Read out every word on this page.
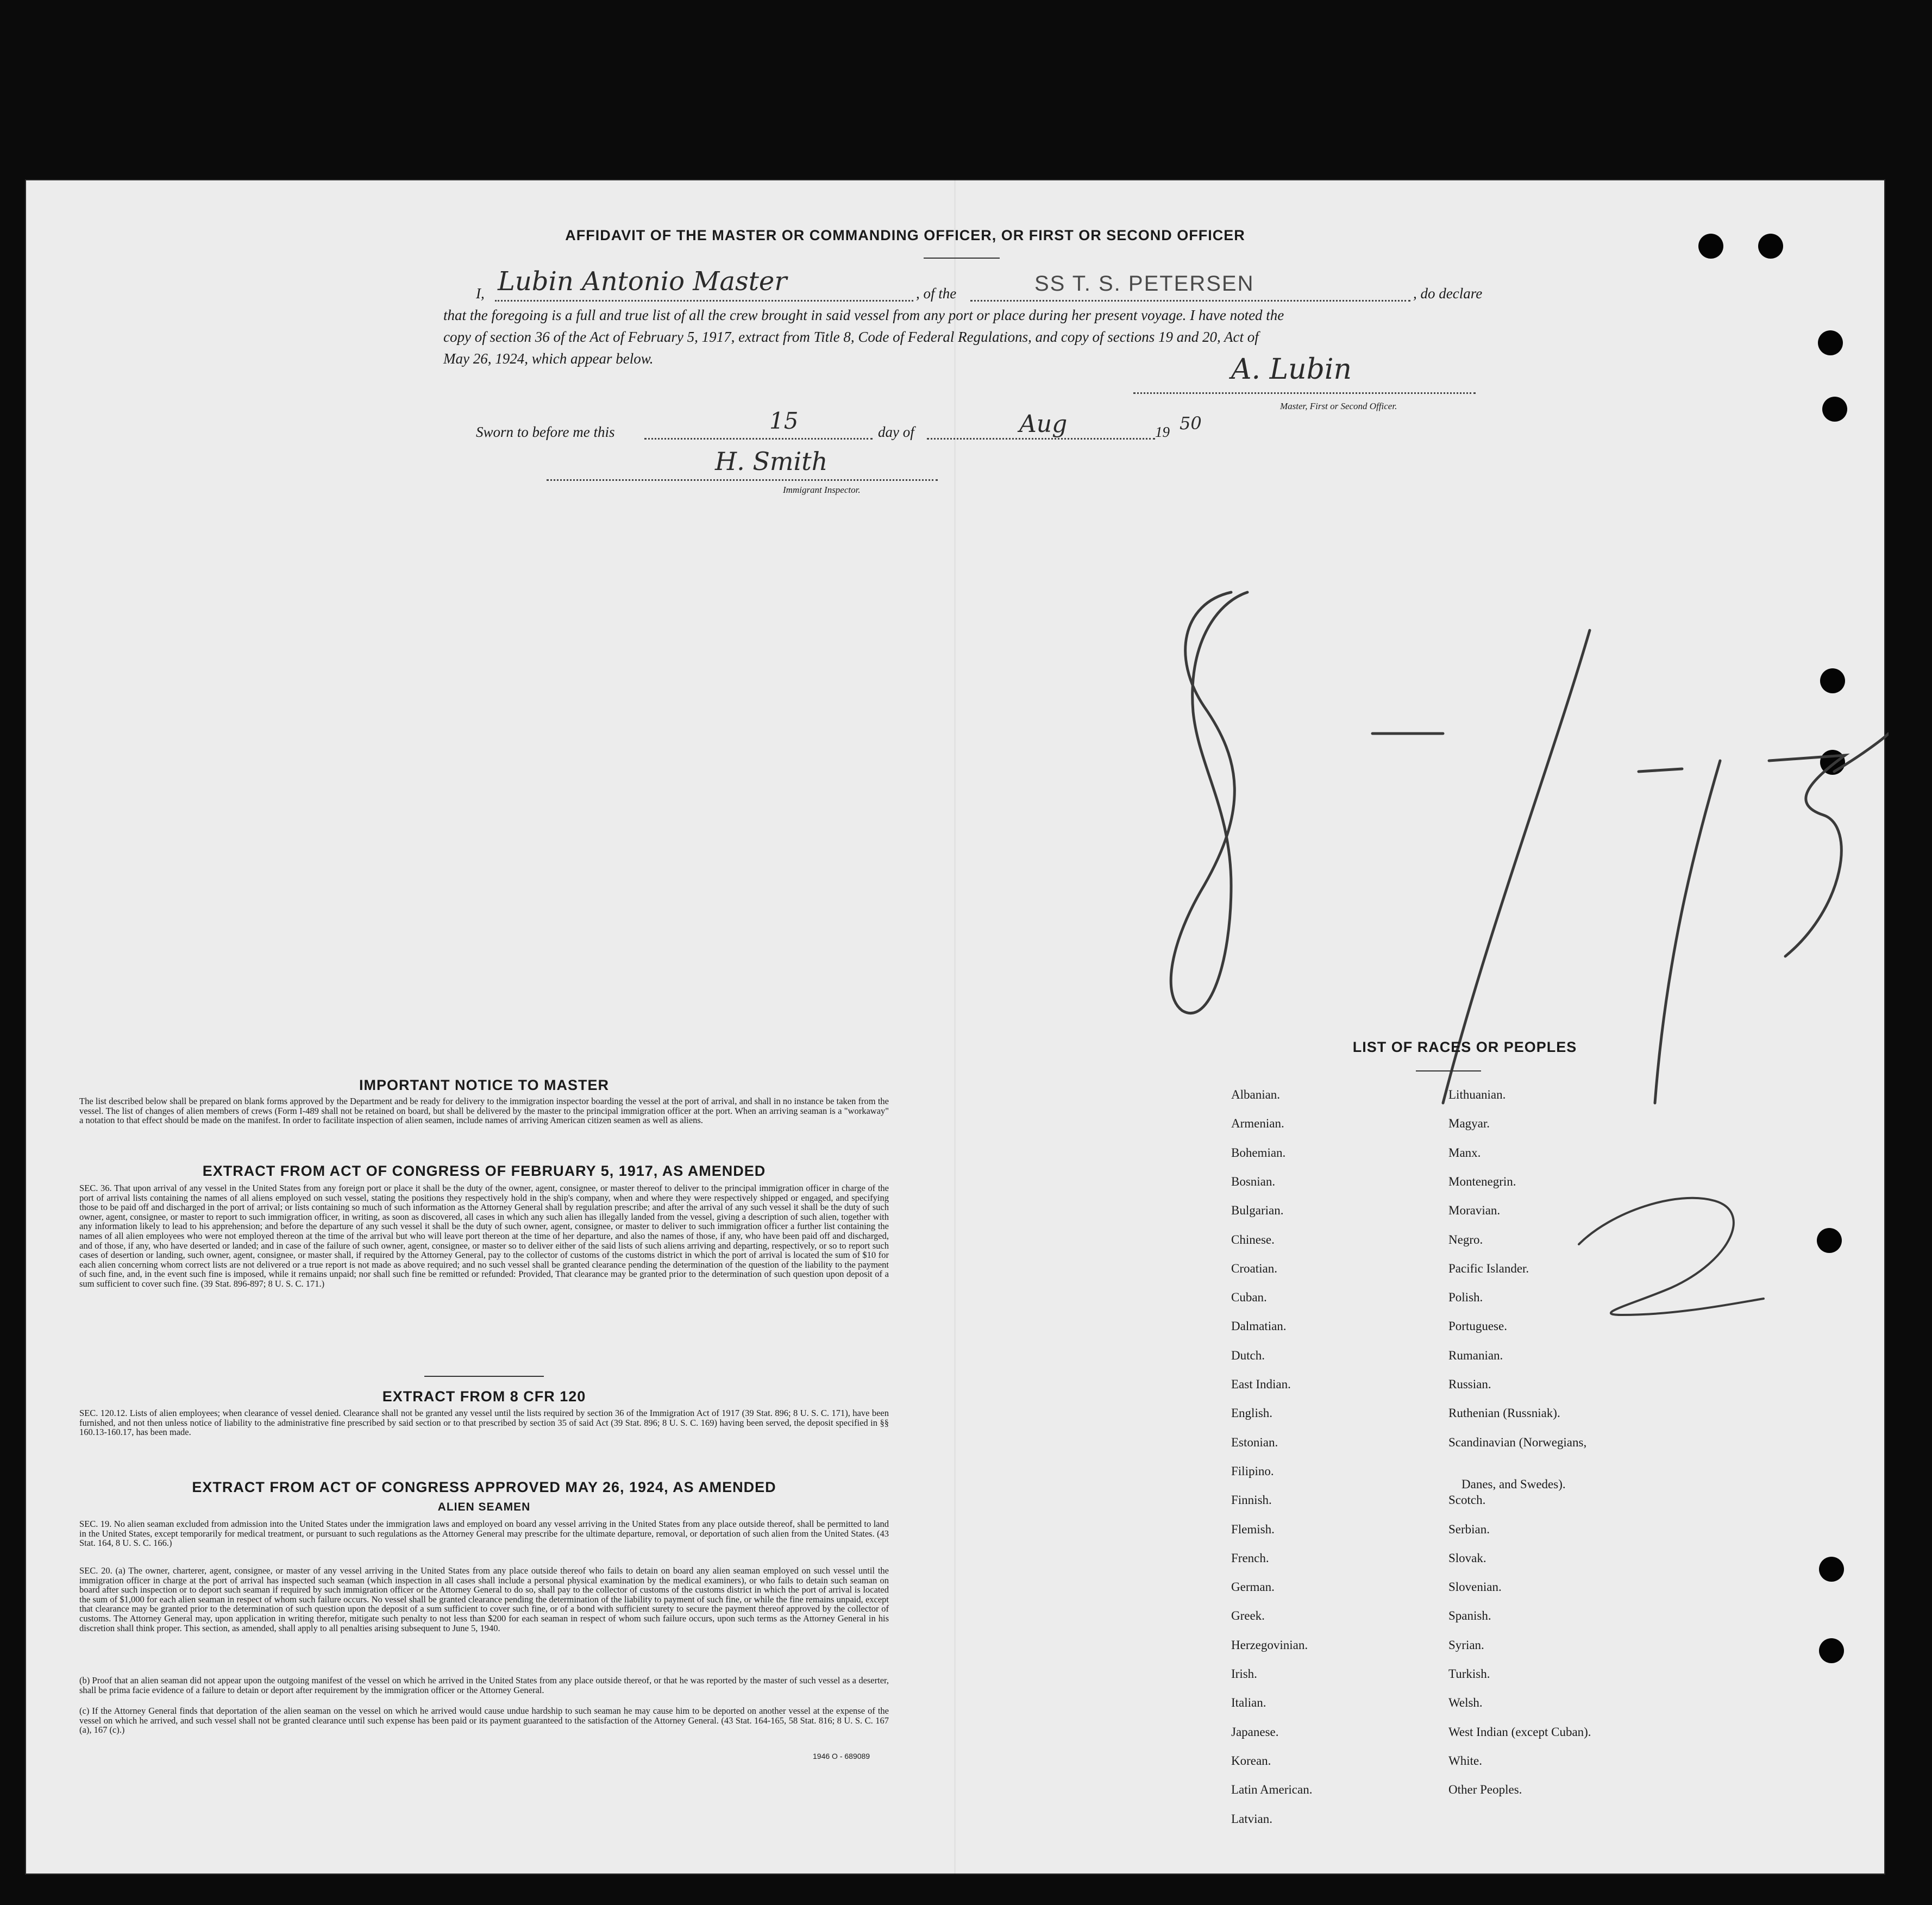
AFFIDAVIT OF THE MASTER OR COMMANDING OFFICER, OR FIRST OR SECOND OFFICER
I, Lubin Antonio Master	, of the	SS T. S. PETERSEN	, do declare
that the foregoing is a full and true list of all the crew brought in said vessel from any port or place during her present voyage. I have noted the
copy of section 36 of the Act of February 5, 1917, extract from Title 8, Code of Federal Regulations, and copy of sections 19 and 20, Act of
May 26, 1924, which appear below.	A. Lubin
Master, First or Second Officer.
Sworn to before me this	15	day of	Aug	19 50
H. Smith
Immigrant Inspector.
IMPORTANT NOTICE TO MASTER
The list described below shall be prepared on blank forms approved by the Department and be ready for delivery to the immigration inspector boarding the vessel at the port of arrival, and shall in no instance be taken from the vessel. The list of changes of alien members of crews (Form I-489 shall not be retained on board, but shall be delivered by the master to the principal immigration officer at the port. When an arriving seaman is a "workaway" a notation to that effect should be made on the manifest. In order to facilitate inspection of alien seamen, include names of arriving American citizen seamen as well as aliens.
EXTRACT FROM ACT OF CONGRESS OF FEBRUARY 5, 1917, AS AMENDED
SEC. 36. That upon arrival of any vessel in the United States from any foreign port or place it shall be the duty of the owner, agent, consignee, or master thereof to deliver to the principal immigration officer in charge of the port of arrival lists containing the names of all aliens employed on such vessel, stating the positions they respectively hold in the ship's company, when and where they were respectively shipped or engaged, and specifying those to be paid off and discharged in the port of arrival; or lists containing so much of such information as the Attorney General shall by regulation prescribe; and after the arrival of any such vessel it shall be the duty of such owner, agent, consignee, or master to report to such immigration officer, in writing, as soon as discovered, all cases in which any such alien has illegally landed from the vessel, giving a description of such alien, together with any information likely to lead to his apprehension; and before the departure of any such vessel it shall be the duty of such owner, agent, consignee, or master to deliver to such immigration officer a further list containing the names of all alien employees who were not employed thereon at the time of the arrival but who will leave port thereon at the time of her departure, and also the names of those, if any, who have been paid off and discharged, and of those, if any, who have deserted or landed; and in case of the failure of such owner, agent, consignee, or master so to deliver either of the said lists of such aliens arriving and departing, respectively, or so to report such cases of desertion or landing, such owner, agent, consignee, or master shall, if required by the Attorney General, pay to the collector of customs of the customs district in which the port of arrival is located the sum of $10 for each alien concerning whom correct lists are not delivered or a true report is not made as above required; and no such vessel shall be granted clearance pending the determination of the question of the liability to the payment of such fine, and, in the event such fine is imposed, while it remains unpaid; nor shall such fine be remitted or refunded: Provided, That clearance may be granted prior to the determination of such question upon deposit of a sum sufficient to cover such fine. (39 Stat. 896-897; 8 U. S. C. 171.)
EXTRACT FROM 8 CFR 120
SEC. 120.12. Lists of alien employees; when clearance of vessel denied. Clearance shall not be granted any vessel until the lists required by section 36 of the Immigration Act of 1917 (39 Stat. 896; 8 U. S. C. 171), have been furnished, and not then unless notice of liability to the administrative fine prescribed by said section or to that prescribed by section 35 of said Act (39 Stat. 896; 8 U. S. C. 169) having been served, the deposit specified in §§ 160.13-160.17, has been made.
EXTRACT FROM ACT OF CONGRESS APPROVED MAY 26, 1924, AS AMENDED
ALIEN SEAMEN
SEC. 19. No alien seaman excluded from admission into the United States under the immigration laws and employed on board any vessel arriving in the United States from any place outside thereof, shall be permitted to land in the United States, except temporarily for medical treatment, or pursuant to such regulations as the Attorney General may prescribe for the ultimate departure, removal, or deportation of such alien from the United States. (43 Stat. 164, 8 U. S. C. 166.)
SEC. 20. (a) The owner, charterer, agent, consignee, or master of any vessel arriving in the United States from any place outside thereof who fails to detain on board any alien seaman employed on such vessel until the immigration officer in charge at the port of arrival has inspected such seaman (which inspection in all cases shall include a personal physical examination by the medical examiners), or who fails to detain such seaman on board after such inspection or to deport such seaman if required by such immigration officer or the Attorney General to do so, shall pay to the collector of customs of the customs district in which the port of arrival is located the sum of $1,000 for each alien seaman in respect of whom such failure occurs. No vessel shall be granted clearance pending the determination of the liability to payment of such fine, or while the fine remains unpaid, except that clearance may be granted prior to the determination of such question upon the deposit of a sum sufficient to cover such fine, or of a bond with sufficient surety to secure the payment thereof approved by the collector of customs. The Attorney General may, upon application in writing therefor, mitigate such penalty to not less than $200 for each seaman in respect of whom such failure occurs, upon such terms as the Attorney General in his discretion shall think proper. This section, as amended, shall apply to all penalties arising subsequent to June 5, 1940.
(b) Proof that an alien seaman did not appear upon the outgoing manifest of the vessel on which he arrived in the United States from any place outside thereof, or that he was reported by the master of such vessel as a deserter, shall be prima facie evidence of a failure to detain or deport after requirement by the immigration officer or the Attorney General.
(c) If the Attorney General finds that deportation of the alien seaman on the vessel on which he arrived would cause undue hardship to such seaman he may cause him to be deported on another vessel at the expense of the vessel on which he arrived, and such vessel shall not be granted clearance until such expense has been paid or its payment guaranteed to the satisfaction of the Attorney General. (43 Stat. 164-165, 58 Stat. 816; 8 U. S. C. 167 (a), 167 (c).)
1946 O - 689089
LIST OF RACES OR PEOPLES
Albanian.
Armenian.
Bohemian.
Bosnian.
Bulgarian.
Chinese.
Croatian.
Cuban.
Dalmatian.
Dutch.
East Indian.
English.
Estonian.
Filipino.
Finnish.
Flemish.
French.
German.
Greek.
Herzegovinian.
Irish.
Italian.
Japanese.
Korean.
Latin American.
Latvian.
Lithuanian.
Magyar.
Manx.
Montenegrin.
Moravian.
Negro.
Pacific Islander.
Polish.
Portuguese.
Rumanian.
Russian.
Ruthenian (Russniak).
Scandinavian (Norwegians,
Danes, and Swedes).
Scotch.
Serbian.
Slovak.
Slovenian.
Spanish.
Syrian.
Turkish.
Welsh.
West Indian (except Cuban).
White.
Other Peoples.
